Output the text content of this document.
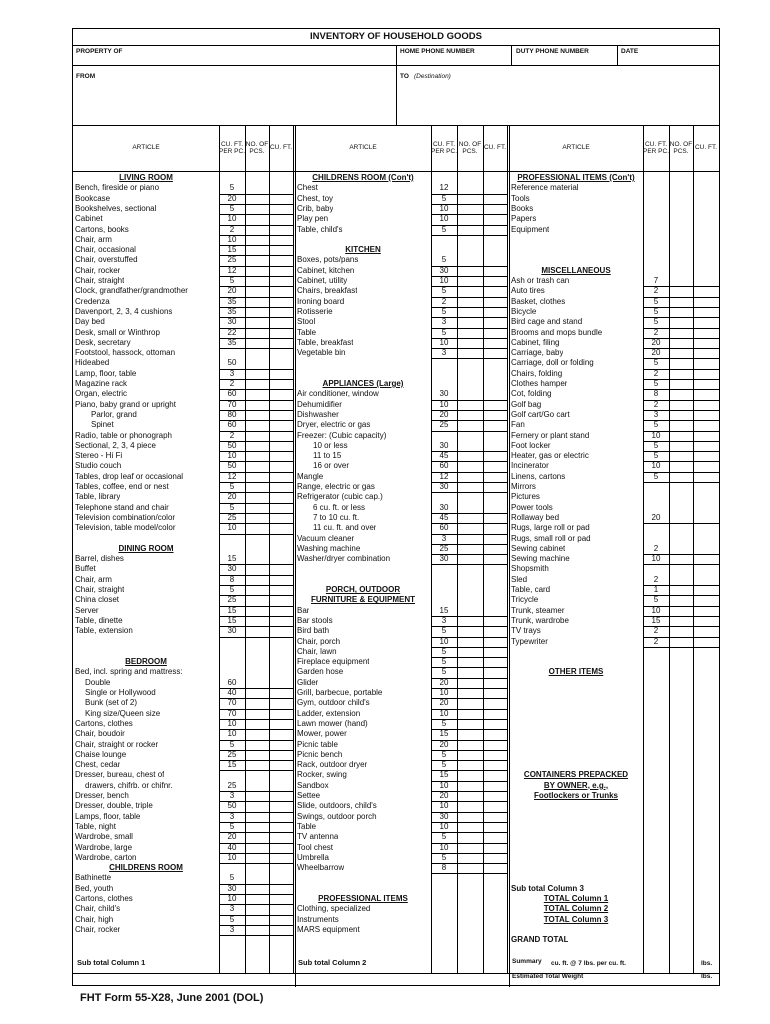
INVENTORY OF HOUSEHOLD GOODS
PROPERTY OF	HOME PHONE NUMBER	DUTY PHONE NUMBER	DATE
FROM	TO (Destination)
Sub total Column 1	Sub total Column 2	Summary cu. ft. @ 7 lbs. per cu. ft.	lbs.
Estimated Total Weight	lbs.
ARTICLE
CU. FT. PER PC.
NO. OF PCS.
CU. FT.
LIVING ROOM
Bench, fireside or piano	5
Bookcase	20
Bookshelves, sectional	5
Cabinet	10
Cartons, books	2
Chair, arm	10
Chair, occasional	15
Chair, overstuffed	25
Chair, rocker	12
Chair, straight	5
Clock, grandfather/grandmother	20
Credenza	35
Davenport, 2, 3, 4 cushions	35
Day bed	30
Desk, small or Winthrop	22
Desk, secretary	35
Footstool, hassock, ottoman
Hideabed	50
Lamp, floor, table	3
Magazine rack	2
Organ, electric	60
Piano, baby grand or upright	70
Parlor, grand	80
Spinet	60
Radio, table or phonograph	2
Sectional, 2, 3, 4 piece	50
Stereo - Hi Fi	10
Studio couch	50
Tables, drop leaf or occasional	12
Tables, coffee, end or nest	5
Table, library	20
Telephone stand and chair	5
Television combination/color	25
Television, table model/color	10
DINING ROOM
Barrel, dishes	15
Buffet	30
Chair, arm	8
Chair, straight	5
China closet	25
Server	15
Table, dinette	15
Table, extension	30
BEDROOM
Bed, incl. spring and mattress:
Double	60
Single or Hollywood	40
Bunk (set of 2)	70
King size/Queen size	70
Cartons, clothes	10
Chair, boudoir	10
Chair, straight or rocker	5
Chaise lounge	25
Chest, cedar	15
Dresser, bureau, chest of
drawers, chifrb. or chifnr.	25
Dresser, bench	3
Dresser, double, triple	50
Lamps, floor, table	3
Table, night	5
Wardrobe, small	20
Wardrobe, large	40
Wardrobe, carton	10
CHILDRENS ROOM
Bathinette	5
Bed, youth	30
Cartons, clothes	10
Chair, child's	3
Chair, high	5
Chair, rocker	3
ARTICLE
CU. FT. PER PC.
NO. OF PCS.
CU. FT.
CHILDRENS ROOM (Con't)
Chest	12
Chest, toy	5
Crib, baby	10
Play pen	10
Table, child's	5
KITCHEN
Boxes, pots/pans	5
Cabinet, kitchen	30
Cabinet, utility	10
Chairs, breakfast	5
Ironing board	2
Rotisserie	5
Stool	3
Table	5
Table, breakfast	10
Vegetable bin	3
APPLIANCES (Large)
Air conditioner, window	30
Dehumidifier	10
Dishwasher	20
Dryer, electric or gas	25
Freezer: (Cubic capacity)
10 or less	30
11 to 15	45
16 or over	60
Mangle	12
Range, electric or gas	30
Refrigerator (cubic cap.)
6 cu. ft. or less	30
7 to 10 cu. ft.	45
11 cu. ft. and over	60
Vacuum cleaner	3
Washing machine	25
Washer/dryer combination	30
PORCH, OUTDOOR
FURNITURE & EQUIPMENT
Bar	15
Bar stools	3
Bird bath	5
Chair, porch	10
Chair, lawn	5
Fireplace equipment	5
Garden hose	5
Glider	20
Grill, barbecue, portable	10
Gym, outdoor child's	20
Ladder, extension	10
Lawn mower (hand)	5
Mower, power	15
Picnic table	20
Picnic bench	5
Rack, outdoor dryer	5
Rocker, swing	15
Sandbox	10
Settee	20
Slide, outdoors, child's	10
Swings, outdoor porch	30
Table	10
TV antenna	5
Tool chest	10
Umbrella	5
Wheelbarrow	8
PROFESSIONAL ITEMS
Clothing, specialized
Instruments
MARS equipment
ARTICLE
CU. FT. PER PC.
NO. OF PCS.
CU. FT.
PROFESSIONAL ITEMS (Con't)
Reference material
Tools
Books
Papers
Equipment
MISCELLANEOUS
Ash or trash can	7
Auto tires	2
Basket, clothes	5
Bicycle	5
Bird cage and stand	5
Brooms and mops bundle	2
Cabinet, filing	20
Carriage, baby	20
Carriage, doll or folding	5
Chairs, folding	2
Clothes hamper	5
Cot, folding	8
Golf bag	2
Golf cart/Go cart	3
Fan	5
Fernery or plant stand	10
Foot locker	5
Heater, gas or electric	5
Incinerator	10
Linens, cartons	5
Mirrors
Pictures
Power tools
Rollaway bed	20
Rugs, large roll or pad
Rugs, small roll or pad
Sewing cabinet	2
Sewing machine	10
Shopsmith
Sled	2
Table, card	1
Tricycle	5
Trunk, steamer	10
Trunk, wardrobe	15
TV trays	2
Typewriter	2
OTHER ITEMS
CONTAINERS PREPACKED
BY OWNER, e.g.,
Footlockers or Trunks
Sub total Column 3
TOTAL Column 1
TOTAL Column 2
TOTAL Column 3
GRAND TOTAL
FHT Form 55-X28, June 2001 (DOL)
